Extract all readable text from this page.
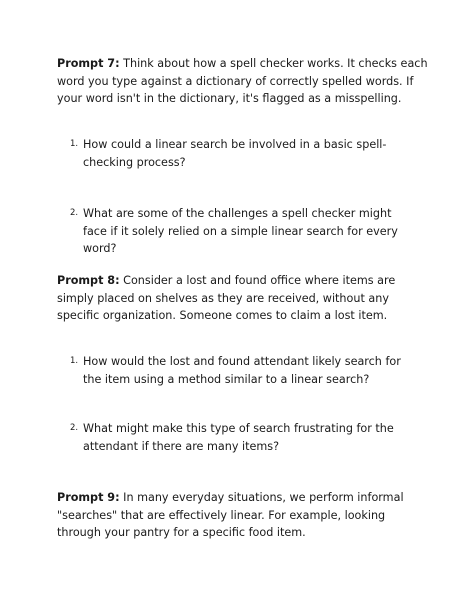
Prompt 7: Think about how a spell checker works. It checks each word you type against a dictionary of correctly spelled words. If your word isn't in the dictionary, it's flagged as a misspelling.

1. How could a linear search be involved in a basic spell-checking process?
2. What are some of the challenges a spell checker might face if it solely relied on a simple linear search for every word?

Prompt 8: Consider a lost and found office where items are simply placed on shelves as they are received, without any specific organization. Someone comes to claim a lost item.

1. How would the lost and found attendant likely search for the item using a method similar to a linear search?
2. What might make this type of search frustrating for the attendant if there are many items?

Prompt 9: In many everyday situations, we perform informal "searches" that are effectively linear. For example, looking through your pantry for a specific food item.
